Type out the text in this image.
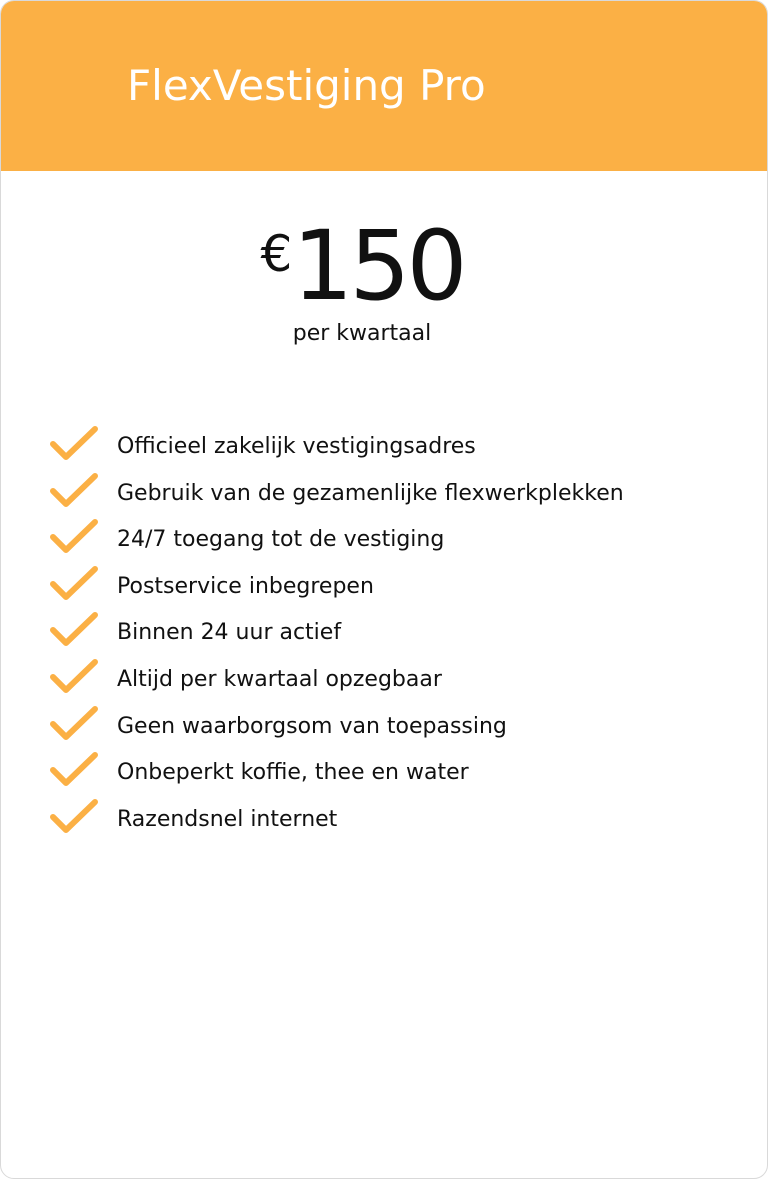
FlexVestiging Pro
€150
per kwartaal
Officieel zakelijk vestigingsadres
Gebruik van de gezamenlijke flexwerkplekken
24/7 toegang tot de vestiging
Postservice inbegrepen
Binnen 24 uur actief
Altijd per kwartaal opzegbaar
Geen waarborgsom van toepassing
Onbeperkt koffie, thee en water
Razendsnel internet
